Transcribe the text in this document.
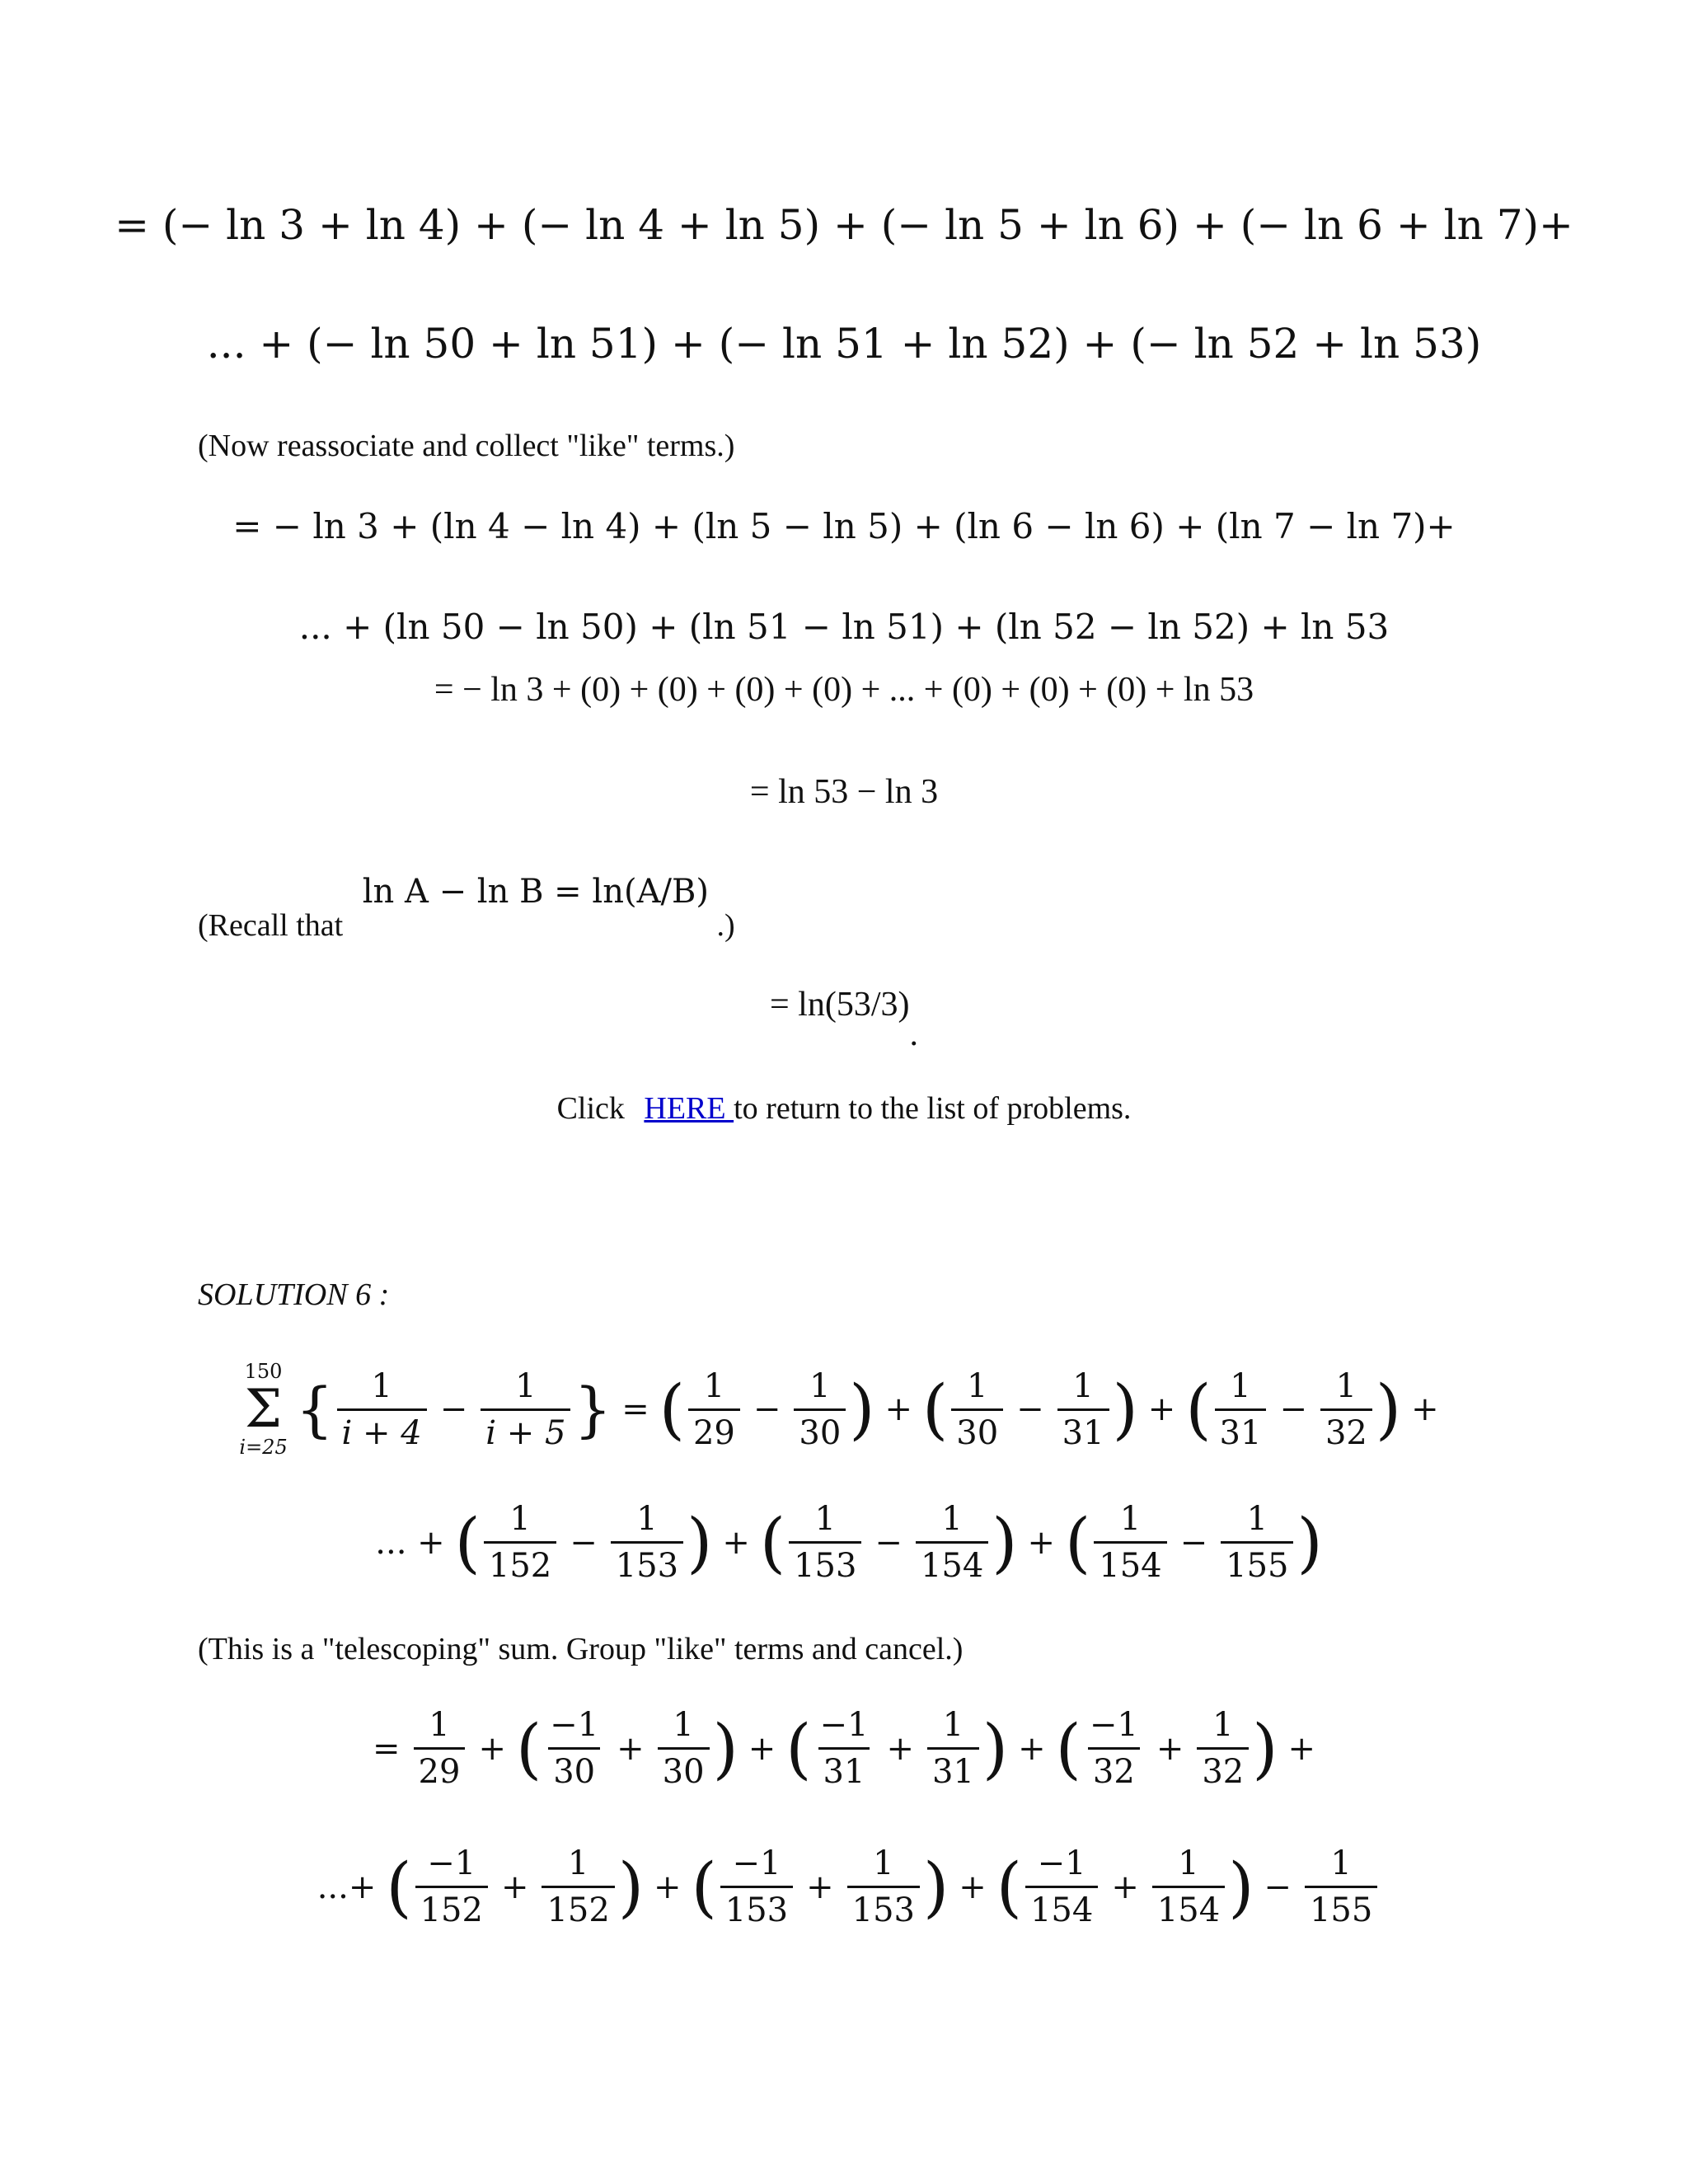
= (− ln 3 + ln 4) + (− ln 4 + ln 5) + (− ln 5 + ln 6) + (− ln 6 + ln 7)+
... + (− ln 50 + ln 51) + (− ln 51 + ln 52) + (− ln 52 + ln 53)
(Now reassociate and collect "like" terms.)
= − ln 3 + (ln 4 − ln 4) + (ln 5 − ln 5) + (ln 6 − ln 6) + (ln 7 − ln 7)+
... + (ln 50 − ln 50) + (ln 51 − ln 51) + (ln 52 − ln 52) + ln 53
= − ln 3 + (0) + (0) + (0) + (0) + ... + (0) + (0) + (0) + ln 53
= ln 53 − ln 3
(Recall that ln A − ln B = ln(A/B) .)
= ln(53/3).
Click HERE to return to the list of problems.
SOLUTION 6 :
150
Σ
i=25
{ $\frac{1}{i + 4} - \frac{1}{i + 5}$ } = ( $\frac{1}{29} - \frac{1}{30}$ ) + ( $\frac{1}{30} - \frac{1}{31}$ ) + ( $\frac{1}{31} - \frac{1}{32}$ ) +
... + ( $\frac{1}{152} - \frac{1}{153}$ ) + ( $\frac{1}{153} - \frac{1}{154}$ ) + ( $\frac{1}{154} - \frac{1}{155}$ )
(This is a "telescoping" sum. Group "like" terms and cancel.)
= $\frac{1}{29}$ + ( $\frac{-1}{30} + \frac{1}{30}$ ) + ( $\frac{-1}{31} + \frac{1}{31}$ ) + ( $\frac{-1}{32} + \frac{1}{32}$ ) +
...+ ( $\frac{-1}{152} + \frac{1}{152}$ ) + ( $\frac{-1}{153} + \frac{1}{153}$ ) + ( $\frac{-1}{154} + \frac{1}{154}$ ) − $\frac{1}{155}$
